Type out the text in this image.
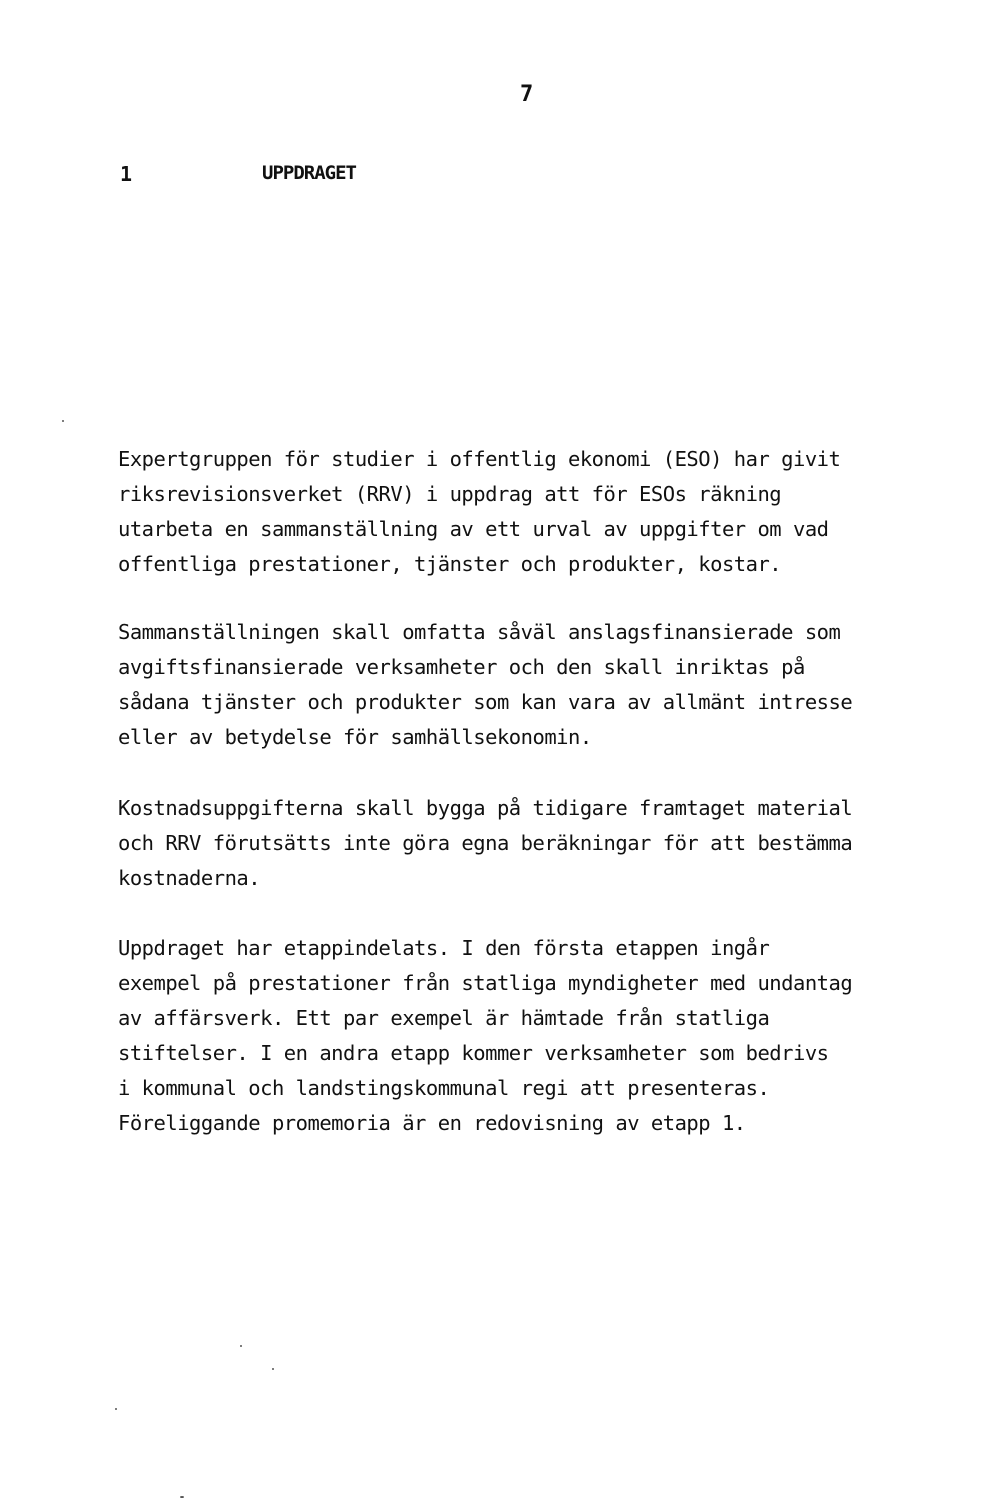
7
1	UPPDRAGET

Expertgruppen för studier i offentlig ekonomi (ESO) har givit
riksrevisionsverket (RRV) i uppdrag att för ESOs räkning
utarbeta en sammanställning av ett urval av uppgifter om vad
offentliga prestationer, tjänster och produkter, kostar.

Sammanställningen skall omfatta såväl anslagsfinansierade som
avgiftsfinansierade verksamheter och den skall inriktas på
sådana tjänster och produkter som kan vara av allmänt intresse
eller av betydelse för samhällsekonomin.

Kostnadsuppgifterna skall bygga på tidigare framtaget material
och RRV förutsätts inte göra egna beräkningar för att bestämma
kostnaderna.

Uppdraget har etappindelats. I den första etappen ingår
exempel på prestationer från statliga myndigheter med undantag
av affärsverk. Ett par exempel är hämtade från statliga
stiftelser. I en andra etapp kommer verksamheter som bedrivs
i kommunal och landstingskommunal regi att presenteras.
Föreliggande promemoria är en redovisning av etapp 1.
